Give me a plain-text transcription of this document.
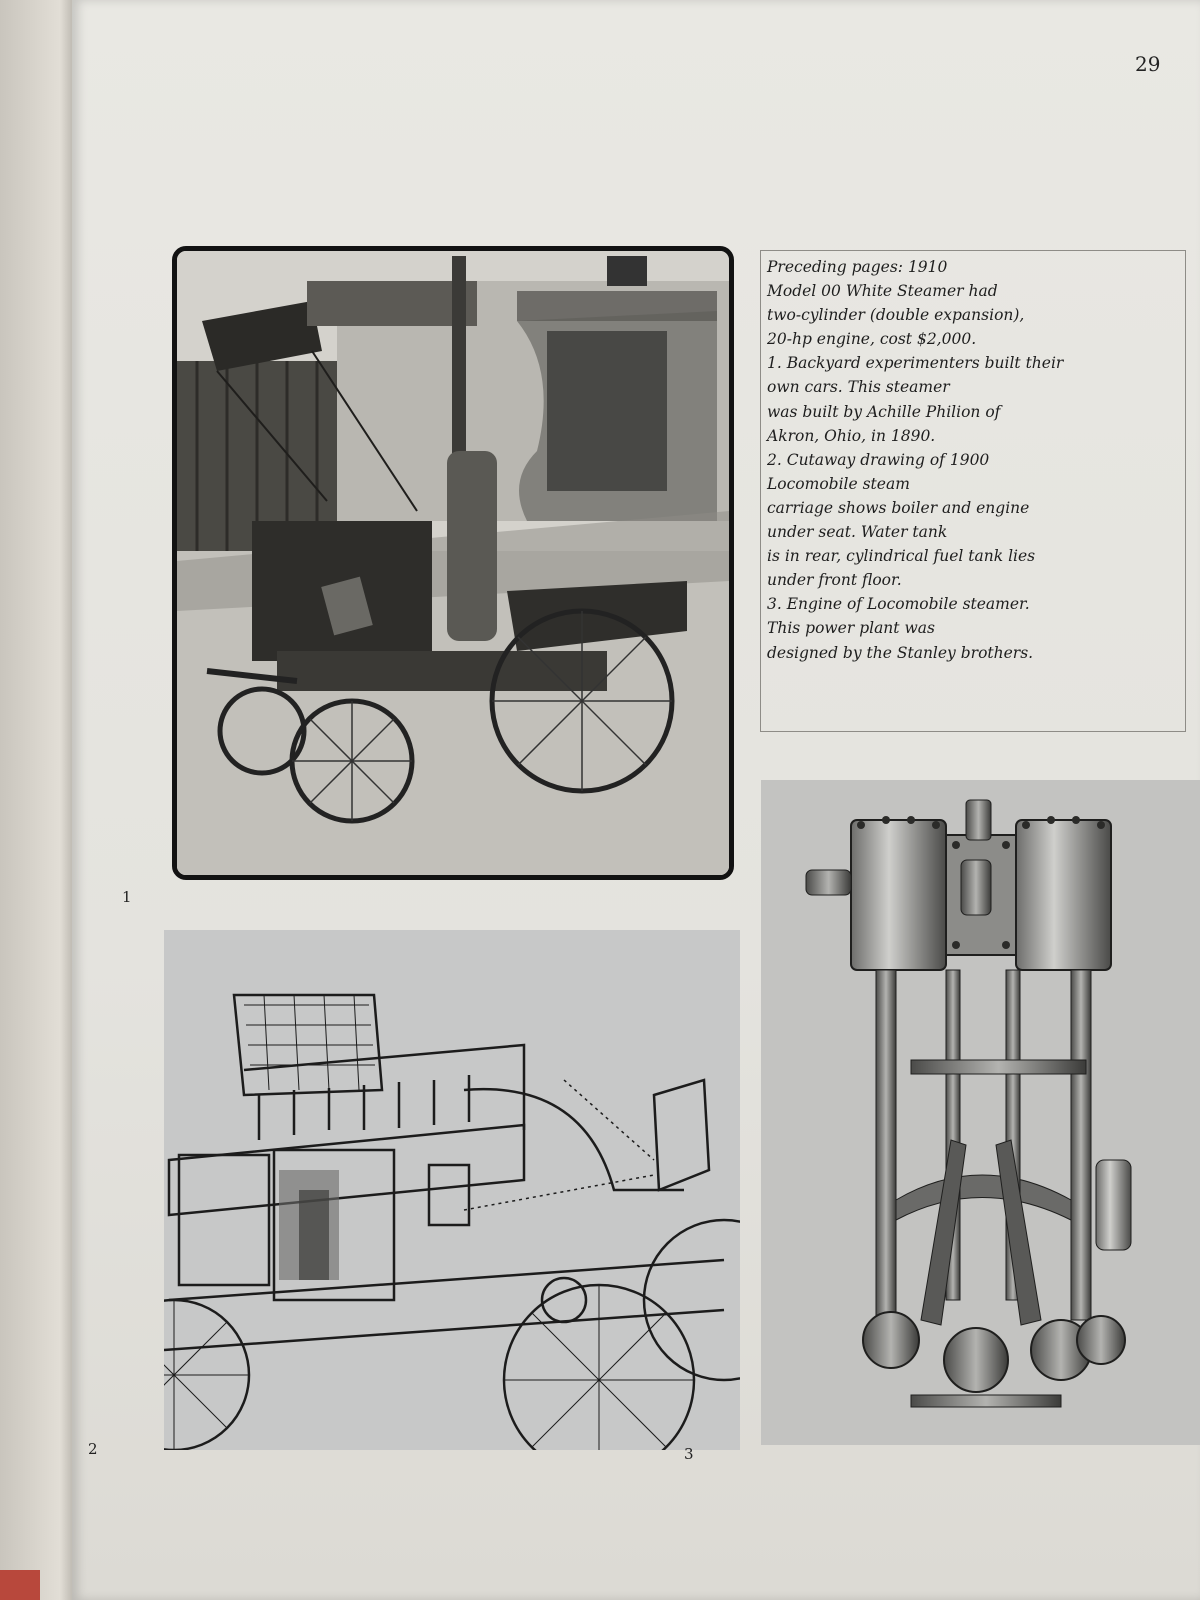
29
Preceding pages: 1910
Model 00 White Steamer had
two-cylinder (double expansion),
20-hp engine, cost $2,000.
1. Backyard experimenters built their
own cars. This steamer
was built by Achille Philion of
Akron, Ohio, in 1890.
2. Cutaway drawing of 1900
Locomobile steam
carriage shows boiler and engine
under seat. Water tank
is in rear, cylindrical fuel tank lies
under front floor.
3. Engine of Locomobile steamer.
This power plant was
designed by the Stanley brothers.
1
2	3
